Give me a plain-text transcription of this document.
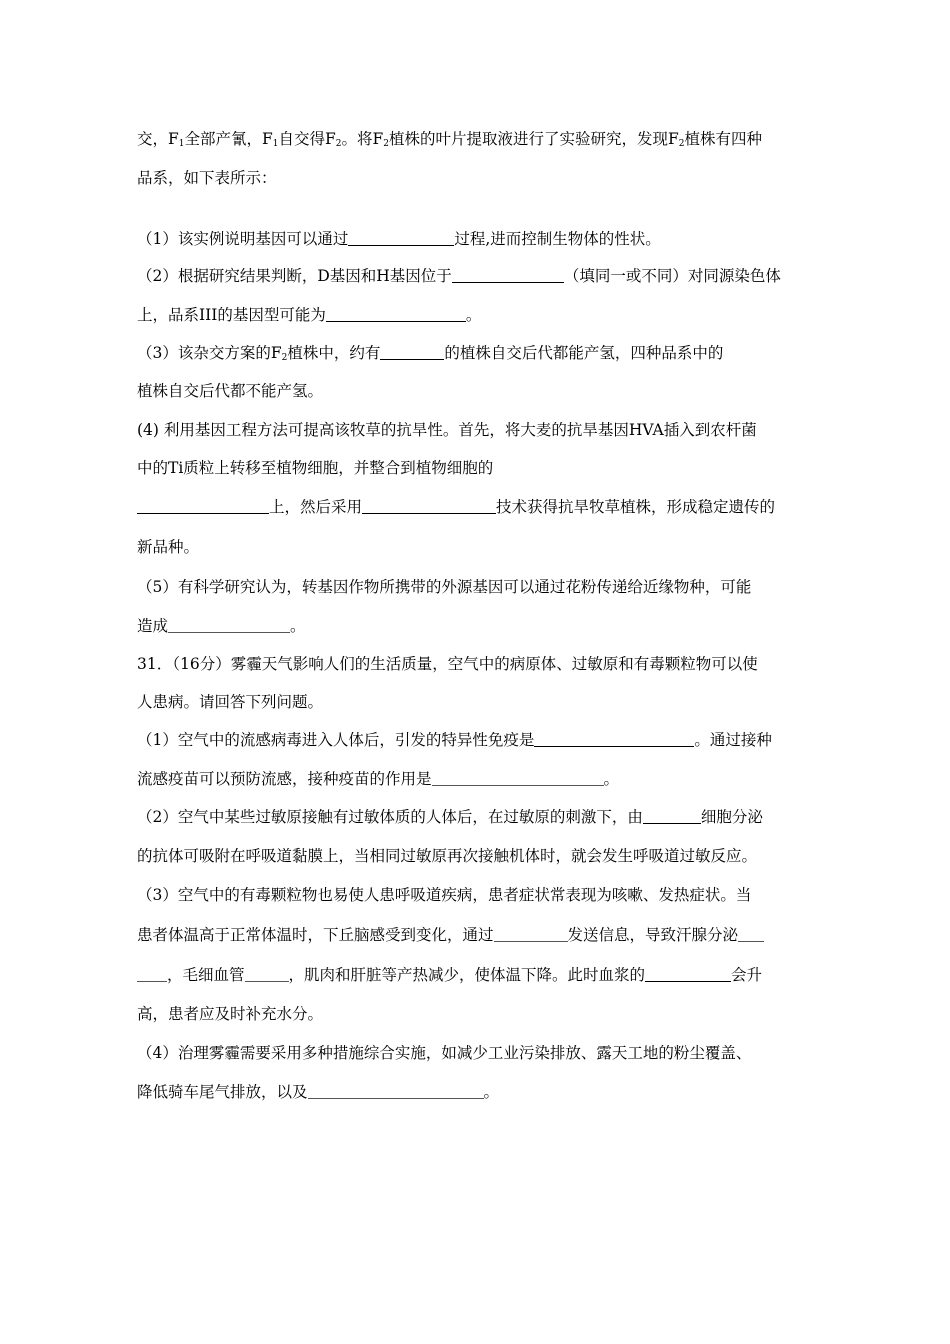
交，$F_1$全部产氰，$F_1$自交得$F_2$。将$F_2$植株的叶片提取液进行了实验研究，发现$F_2$植株有四种
品系，如下表所示：
（1）该实例说明基因可以通过	过程,进而控制生物体的性状。
（2）根据研究结果判断，D基因和H基因位于	（填同一或不同）对同源染色体
上，品系III的基因型可能为	。
（3）该杂交方案的$F_2$植株中，约有	的植株自交后代都能产氢，四种品系中的
植株自交后代都不能产氢。
(4) 利用基因工程方法可提高该牧草的抗旱性。首先，将大麦的抗旱基因HVA插入到农杆菌
中的Ti质粒上转移至植物细胞，并整合到植物细胞的
上，然后采用	技术获得抗旱牧草植株，形成稳定遗传的
新品种。
（5）有科学研究认为，转基因作物所携带的外源基因可以通过花粉传递给近缘物种，可能
造成	。
31．（16分）雾霾天气影响人们的生活质量，空气中的病原体、过敏原和有毒颗粒物可以使
人患病。请回答下列问题。
（1）空气中的流感病毒进入人体后，引发的特异性免疫是	。通过接种
流感疫苗可以预防流感，接种疫苗的作用是	。
（2）空气中某些过敏原接触有过敏体质的人体后，在过敏原的刺激下，由	细胞分泌
的抗体可吸附在呼吸道黏膜上，当相同过敏原再次接触机体时，就会发生呼吸道过敏反应。
（3）空气中的有毒颗粒物也易使人患呼吸道疾病，患者症状常表现为咳嗽、发热症状。当
患者体温高于正常体温时，下丘脑感受到变化，通过	发送信息，导致汗腺分泌
，毛细血管	，肌肉和肝脏等产热减少，使体温下降。此时血浆的	会升
高，患者应及时补充水分。
（4）治理雾霾需要采用多种措施综合实施，如减少工业污染排放、露天工地的粉尘覆盖、
降低骑车尾气排放，以及	。
